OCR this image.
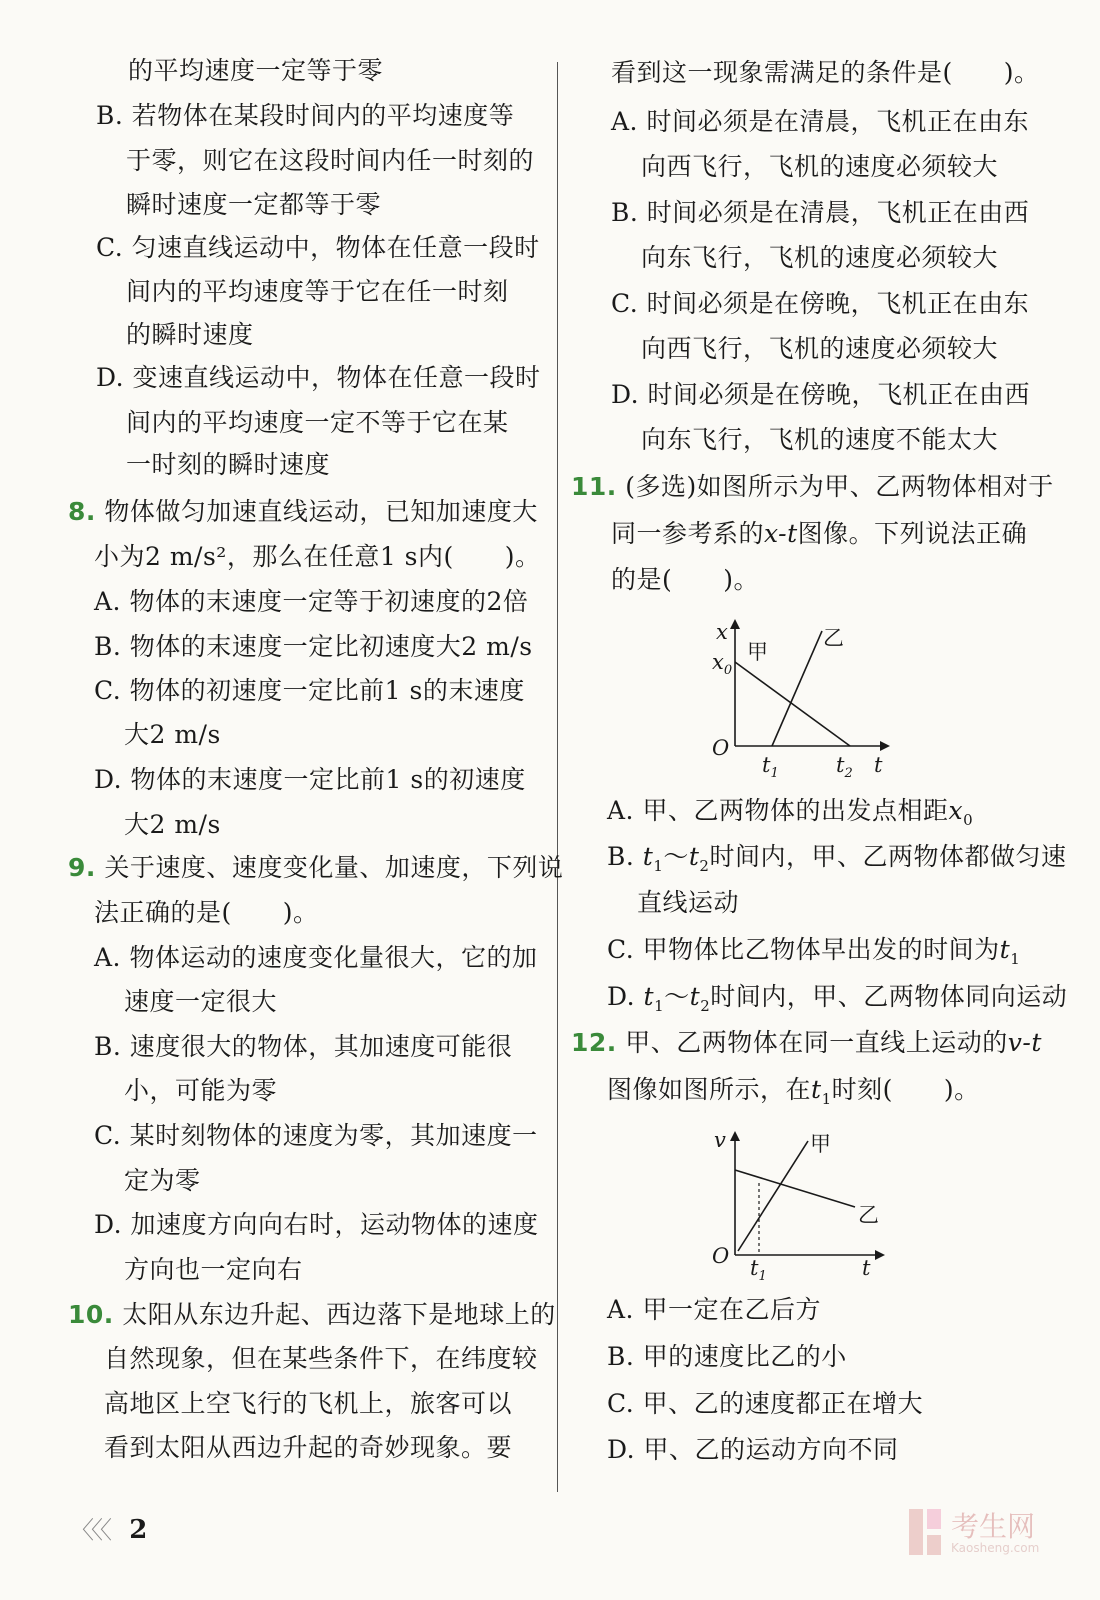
的平均速度一定等于零
B. 若物体在某段时间内的平均速度等
于零，则它在这段时间内任一时刻的
瞬时速度一定都等于零
C. 匀速直线运动中，物体在任意一段时
间内的平均速度等于它在任一时刻
的瞬时速度
D. 变速直线运动中，物体在任意一段时
间内的平均速度一定不等于它在某
一时刻的瞬时速度
8. 物体做匀加速直线运动，已知加速度大
小为2 m/s²，那么在任意1 s内(　　)。
A. 物体的末速度一定等于初速度的2倍
B. 物体的末速度一定比初速度大2 m/s
C. 物体的初速度一定比前1 s的末速度
大2 m/s
D. 物体的末速度一定比前1 s的初速度
大2 m/s
9. 关于速度、速度变化量、加速度，下列说
法正确的是(　　)。
A. 物体运动的速度变化量很大，它的加
速度一定很大
B. 速度很大的物体，其加速度可能很
小，可能为零
C. 某时刻物体的速度为零，其加速度一
定为零
D. 加速度方向向右时，运动物体的速度
方向也一定向右
10. 太阳从东边升起、西边落下是地球上的
自然现象，但在某些条件下，在纬度较
高地区上空飞行的飞机上，旅客可以
看到太阳从西边升起的奇妙现象。要
看到这一现象需满足的条件是(　　)。
A. 时间必须是在清晨，飞机正在由东
向西飞行，飞机的速度必须较大
B. 时间必须是在清晨，飞机正在由西
向东飞行，飞机的速度必须较大
C. 时间必须是在傍晚，飞机正在由东
向西飞行，飞机的速度必须较大
D. 时间必须是在傍晚，飞机正在由西
向东飞行，飞机的速度不能太大
11. (多选)如图所示为甲、乙两物体相对于
同一参考系的x-t图像。下列说法正确
的是(　　)。
x
t
O
$x_0$
$t_1$	$t_2$
甲
乙
A. 甲、乙两物体的出发点相距$x_0$
B. $t_1\sim t_2$时间内，甲、乙两物体都做匀速
直线运动
C. 甲物体比乙物体早出发的时间为$t_1$
D. $t_1\sim t_2$时间内，甲、乙两物体同向运动
12. 甲、乙两物体在同一直线上运动的v-t
图像如图所示，在$t_1$时刻(　　)。
v
t
O $t_1$
甲
乙
A. 甲一定在乙后方
B. 甲的速度比乙的小
C. 甲、乙的速度都正在增大
D. 甲、乙的运动方向不同
〈〈〈 2	考生网
Kaosheng.com
